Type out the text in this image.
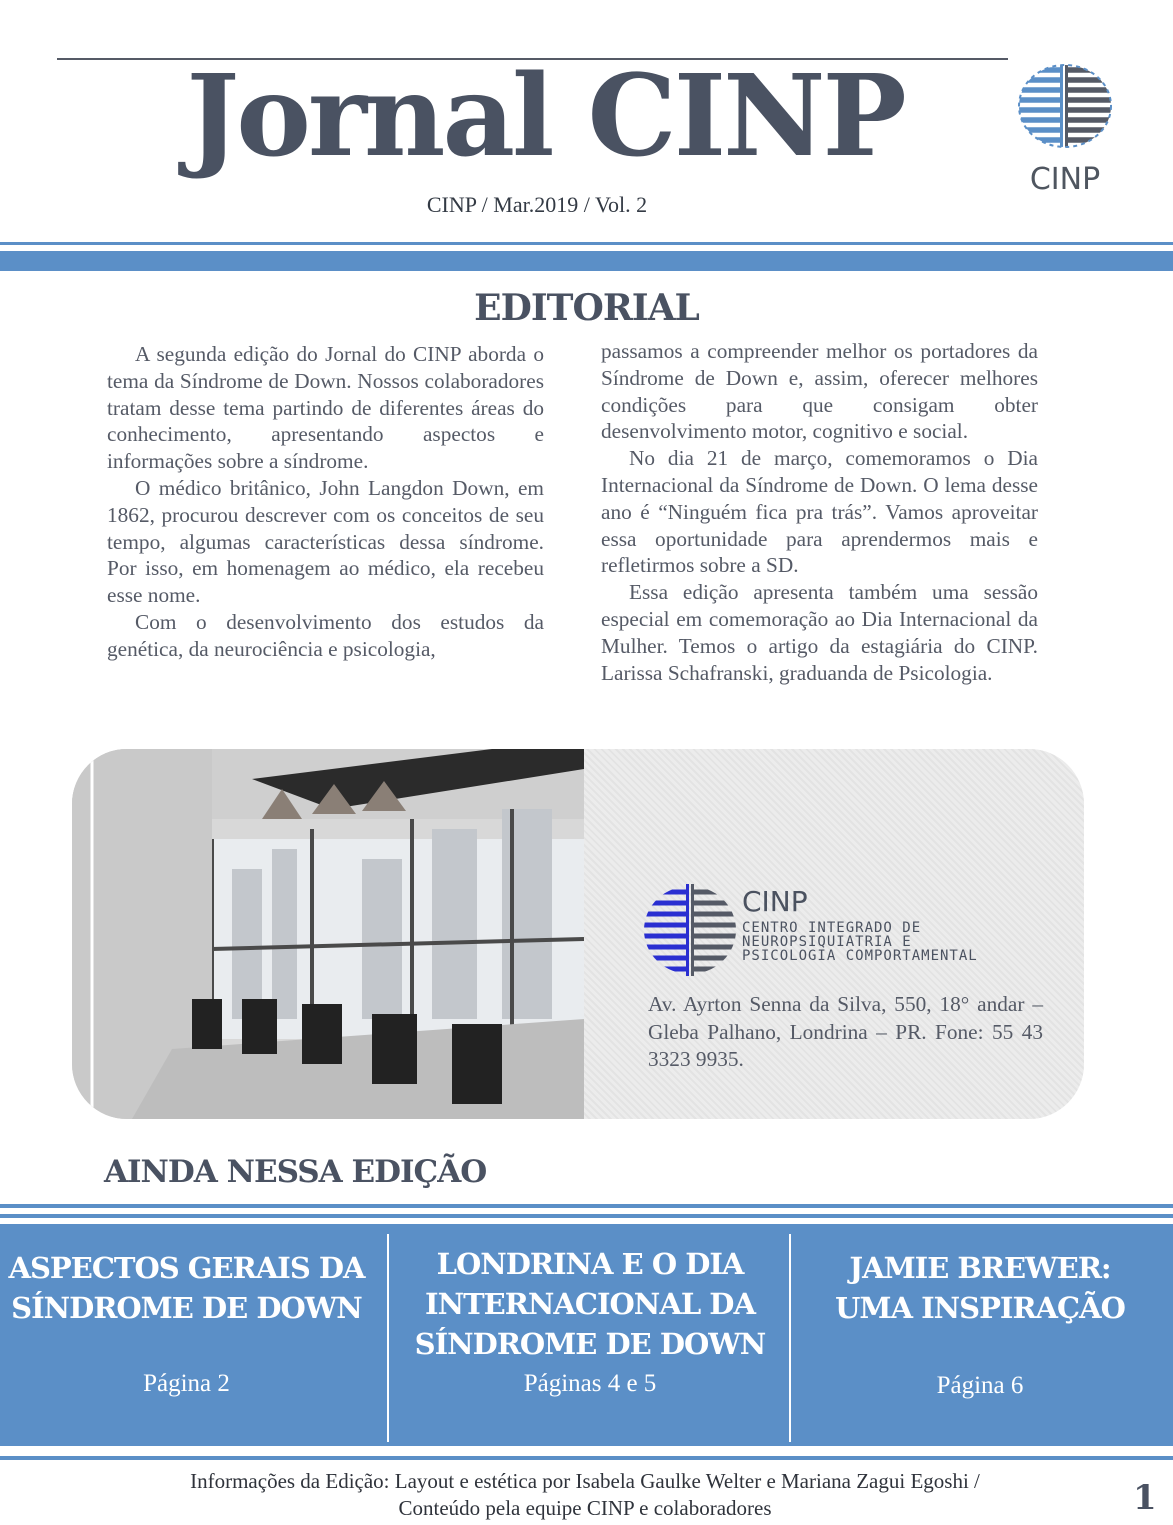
Jornal CINP
CINP / Mar.2019 / Vol. 2
CINP
EDITORIAL

A segunda edição do Jornal do CINP aborda o tema da Síndrome de Down. Nossos colaboradores tratam desse tema partindo de diferentes áreas do conhecimento, apresentando aspectos e informações sobre a síndrome.

O médico britânico, John Langdon Down, em 1862, procurou descrever com os conceitos de seu tempo, algumas características dessa síndrome. Por isso, em homenagem ao médico, ela recebeu esse nome.

Com o desenvolvimento dos estudos da genética, da neurociência e psicologia,

passamos a compreender melhor os portadores da Síndrome de Down e, assim, oferecer melhores condições para que consigam obter desenvolvimento motor, cognitivo e social.

No dia 21 de março, comemoramos o Dia Internacional da Síndrome de Down. O lema desse ano é “Ninguém fica pra trás”. Vamos aproveitar essa oportunidade para aprendermos mais e refletirmos sobre a SD.

Essa edição apresenta também uma sessão especial em comemoração ao Dia Internacional da Mulher. Temos o artigo da estagiária do CINP. Larissa Schafranski, graduanda de Psicologia.

CINP
CENTRO INTEGRADO DE
NEUROPSIQUIATRIA E
PSICOLOGIA COMPORTAMENTAL
Av. Ayrton Senna da Silva, 550, 18° andar – Gleba Palhano, Londrina – PR. Fone: 55 43 3323 9935.
AINDA NESSA EDIÇÃO
ASPECTOS GERAIS DA
SÍNDROME DE DOWN
Página 2
LONDRINA E O DIA
INTERNACIONAL DA
SÍNDROME DE DOWN
Páginas 4 e 5
JAMIE BREWER:
UMA INSPIRAÇÃO
Página 6
Informações da Edição: Layout e estética por Isabela Gaulke Welter e Mariana Zagui Egoshi /
Conteúdo pela equipe CINP e colaboradores	1
